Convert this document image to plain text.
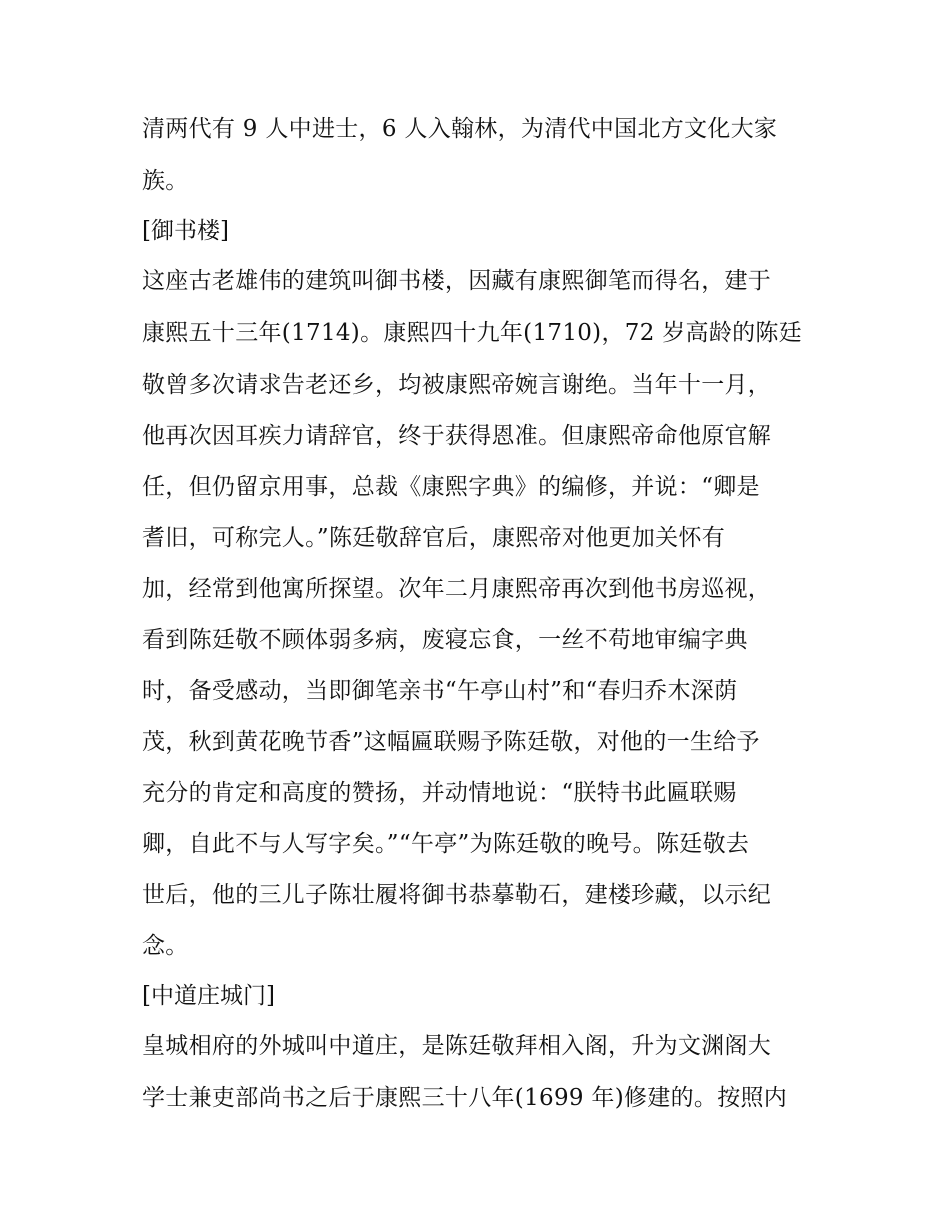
清两代有 9 人中进士，6 人入翰林，为清代中国北方文化大家
族。
[御书楼]
这座古老雄伟的建筑叫御书楼，因藏有康熙御笔而得名，建于
康熙五十三年(1714)。康熙四十九年(1710)，72 岁高龄的陈廷
敬曾多次请求告老还乡，均被康熙帝婉言谢绝。当年十一月，
他再次因耳疾力请辞官，终于获得恩准。但康熙帝命他原官解
任，但仍留京用事，总裁《康熙字典》的编修，并说：“卿是
耆旧，可称完人。”陈廷敬辞官后，康熙帝对他更加关怀有
加，经常到他寓所探望。次年二月康熙帝再次到他书房巡视，
看到陈廷敬不顾体弱多病，废寝忘食，一丝不苟地审编字典
时，备受感动，当即御笔亲书“午亭山村”和“春归乔木深荫
茂，秋到黄花晚节香”这幅匾联赐予陈廷敬，对他的一生给予
充分的肯定和高度的赞扬，并动情地说：“朕特书此匾联赐
卿，自此不与人写字矣。”“午亭”为陈廷敬的晚号。陈廷敬去
世后，他的三儿子陈壮履将御书恭摹勒石，建楼珍藏，以示纪
念。
[中道庄城门]
皇城相府的外城叫中道庄，是陈廷敬拜相入阁，升为文渊阁大
学士兼吏部尚书之后于康熙三十八年(1699 年)修建的。按照内
